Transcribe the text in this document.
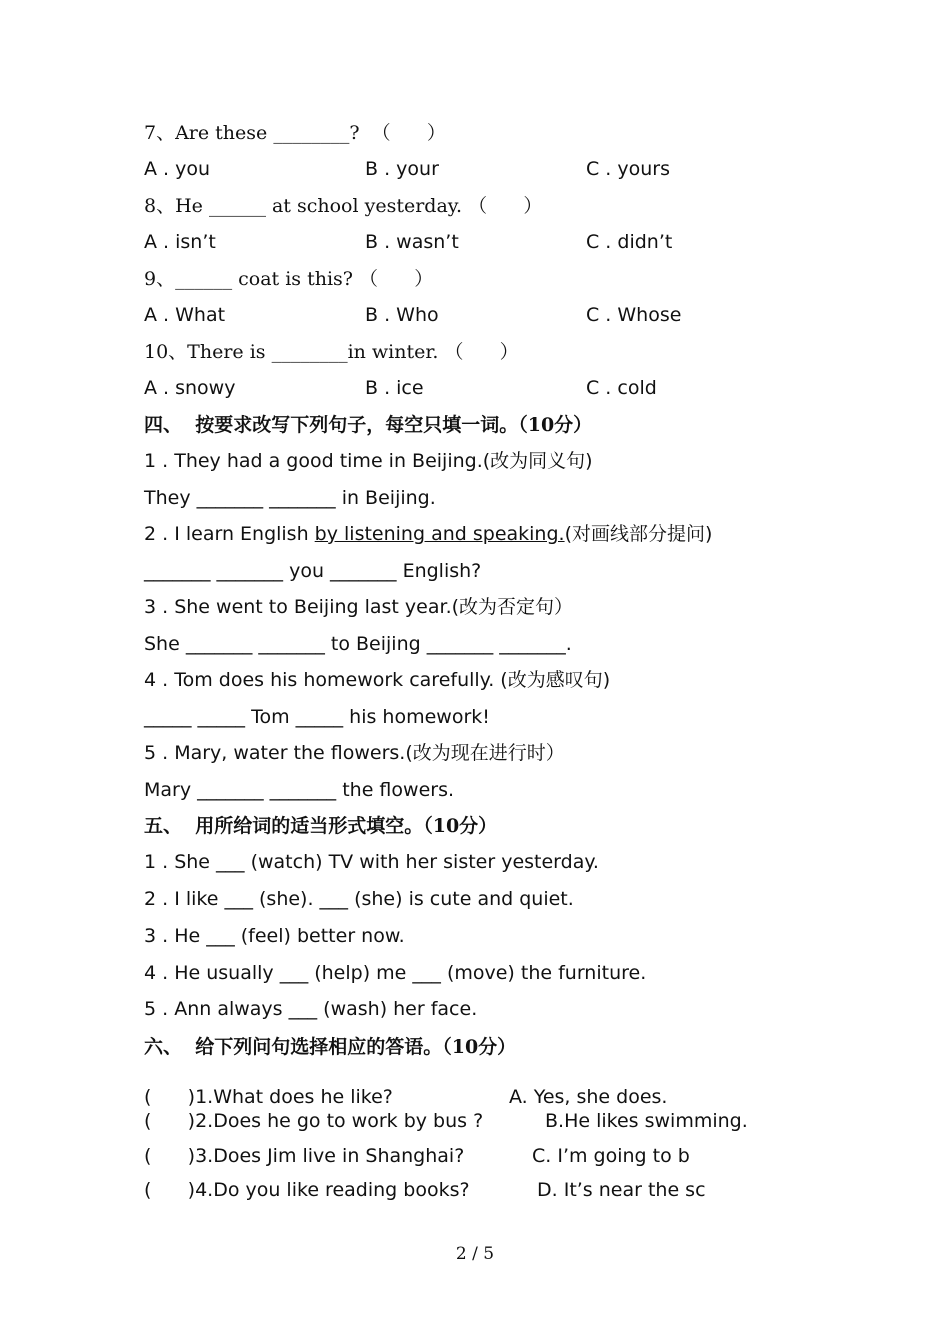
7、Are these ________?  （      ）
A . you	B . your	C . yours
8、He ______ at school yesterday. （      ）
A . isn’t	B . wasn’t	C . didn’t
9、______ coat is this? （      ）
A . What	B . Who	C . Whose
10、There is ________in winter. （      ）
A . snowy	B . ice	C . cold
四、  按要求改写下列句子，每空只填一词。（10分）
1 . They had a good time in Beijing.(改为同义句)
They _______ _______ in Beijing.
2 . I learn English by listening and speaking.(对画线部分提问)
_______ _______ you _______ English?
3 . She went to Beijing last year.(改为否定句）
She _______ _______ to Beijing _______ _______.
4 . Tom does his homework carefully. (改为感叹句)
_____ _____ Tom _____ his homework!
5 . Mary, water the flowers.(改为现在进行时）
Mary _______ _______ the flowers.
五、  用所给词的适当形式填空。（10分）
1 . She ___ (watch) TV with her sister yesterday.
2 . I like ___ (she). ___ (she) is cute and quiet.
3 . He ___ (feel) better now.
4 . He usually ___ (help) me ___ (move) the furniture.
5 . Ann always ___ (wash) her face.
六、  给下列问句选择相应的答语。（10分）
(      )1.What does he like?	A. Yes, she does.
(      )2.Does he go to work by bus ?	B.He likes swimming.
(      )3.Does Jim live in Shanghai?	C. I’m going to b
(      )4.Do you like reading books?	D. It’s near the sc
2 / 5
